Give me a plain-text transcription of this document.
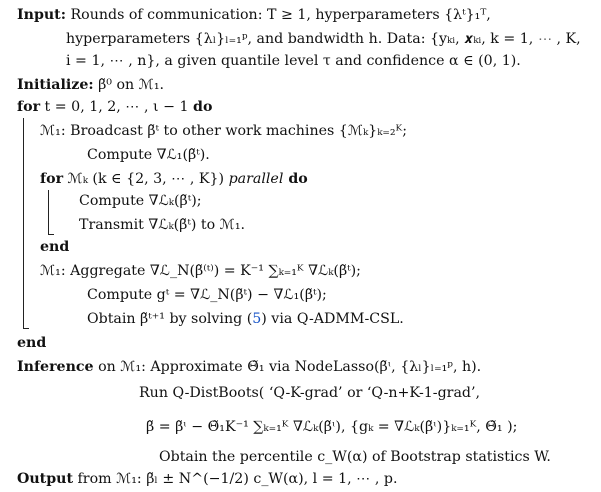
Input: Rounds of communication: T ≥ 1, hyperparameters {λᵗ}₁ᵀ,
hyperparameters {λₗ}ₗ₌₁ᵖ, and bandwidth h. Data: {yₖᵢ, 𝒙ₖᵢ, k = 1, ⋯ , K,
i = 1, ⋯ , n}, a given quantile level τ and confidence α ∈ (0, 1).
Initialize: β̃⁰ on ℳ₁.
for t = 0, 1, 2, ⋯ , ι − 1 do
ℳ₁: Broadcast β̃ᵗ to other work machines {ℳₖ}ₖ₌₂ᴷ;
Compute ∇ℒ₁(β̃ᵗ).
for ℳₖ (k ∈ {2, 3, ⋯ , K}) parallel do
Compute ∇ℒₖ(β̃ᵗ);
Transmit ∇ℒₖ(β̃ᵗ) to ℳ₁.
end
ℳ₁: Aggregate ∇ℒ_N(β̃⁽ᵗ⁾) = K⁻¹ ∑ₖ₌₁ᴷ ∇ℒₖ(β̃ᵗ);
Compute gᵗ = ∇ℒ_N(β̃ᵗ) − ∇ℒ₁(β̃ᵗ);
Obtain β̃ᵗ⁺¹ by solving (5) via Q-ADMM-CSL.
end
Inference on ℳ₁: Approximate Θ̃₁ via NodeLasso(β̃ᶥ, {λₗ}ₗ₌₁ᵖ, h).
Run Q-DistBoots( ‘Q-K-grad’ or ‘Q-n+K-1-grad’,
β̃ = β̃ᶥ − Θ̃₁K⁻¹ ∑ₖ₌₁ᴷ ∇ℒₖ(β̃ᶥ), {gₖ = ∇ℒₖ(β̃ᶥ)}ₖ₌₁ᴷ, Θ̃₁ );
Obtain the percentile c_W(α) of Bootstrap statistics W.
Output from ℳ₁: β̃ₗ ± N^(−1/2) c_W(α), l = 1, ⋯ , p.
